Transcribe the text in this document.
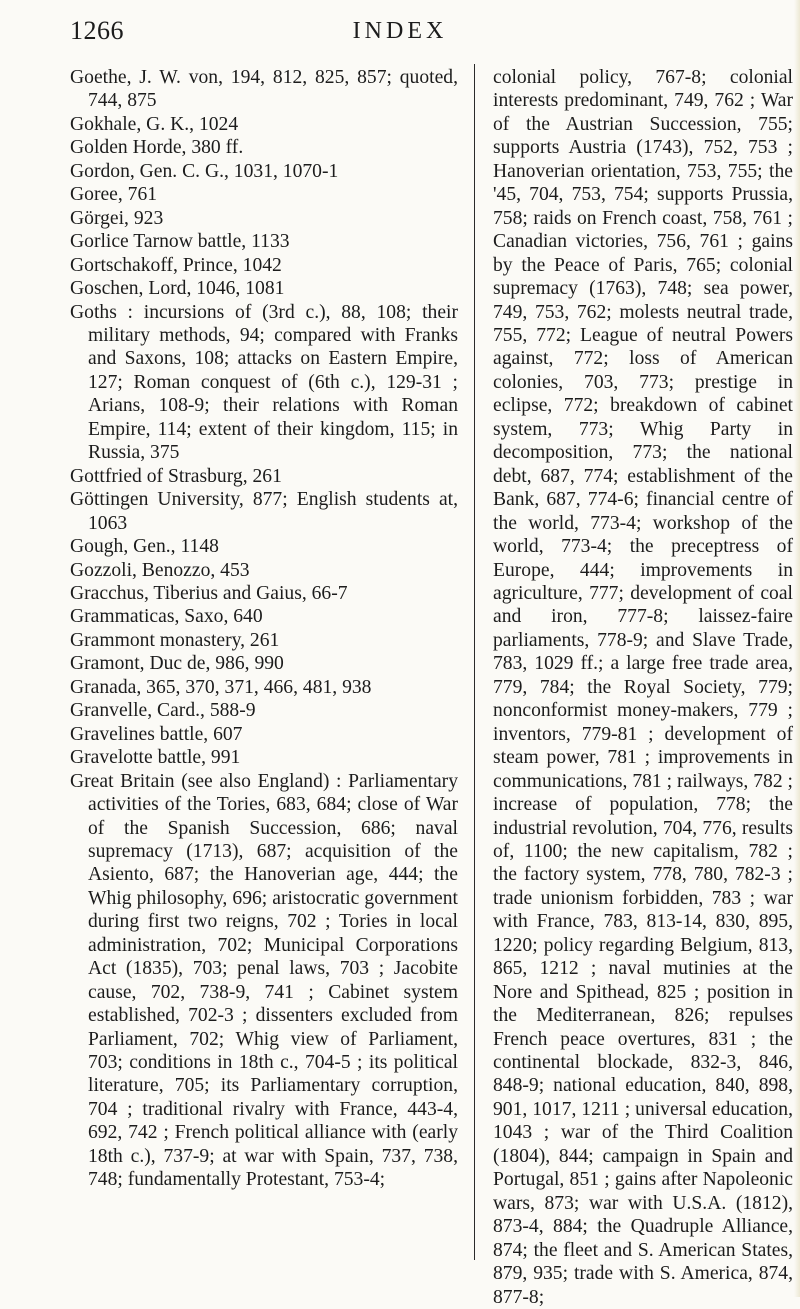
1266	INDEX

Goethe, J. W. von, 194, 812, 825, 857; quoted, 744, 875

Gokhale, G. K., 1024

Golden Horde, 380 ff.

Gordon, Gen. C. G., 1031, 1070-1

Goree, 761

Görgei, 923

Gorlice Tarnow battle, 1133

Gortschakoff, Prince, 1042

Goschen, Lord, 1046, 1081

Goths : incursions of (3rd c.), 88, 108; their military methods, 94; compared with Franks and Saxons, 108; attacks on Eastern Empire, 127; Roman conquest of (6th c.), 129-31 ; Arians, 108-9; their relations with Roman Empire, 114; extent of their kingdom, 115; in Russia, 375

Gottfried of Strasburg, 261

Göttingen University, 877; English students at, 1063

Gough, Gen., 1148

Gozzoli, Benozzo, 453

Gracchus, Tiberius and Gaius, 66-7

Grammaticas, Saxo, 640

Grammont monastery, 261

Gramont, Duc de, 986, 990

Granada, 365, 370, 371, 466, 481, 938

Granvelle, Card., 588-9

Gravelines battle, 607

Gravelotte battle, 991

Great Britain (see also England) : Parliamentary activities of the Tories, 683, 684; close of War of the Spanish Succession, 686; naval supremacy (1713), 687; acquisition of the Asiento, 687; the Hanoverian age, 444; the Whig philosophy, 696; aristocratic government during first two reigns, 702 ; Tories in local administration, 702; Municipal Corporations Act (1835), 703; penal laws, 703 ; Jacobite cause, 702, 738-9, 741 ; Cabinet system established, 702-3 ; dissenters excluded from Parliament, 702; Whig view of Parliament, 703; conditions in 18th c., 704-5 ; its political literature, 705; its Parliamentary corruption, 704 ; traditional rivalry with France, 443-4, 692, 742 ; French political alliance with (early 18th c.), 737-9; at war with Spain, 737, 738, 748; fundamentally Protestant, 753-4;

colonial policy, 767-8; colonial interests predominant, 749, 762 ; War of the Austrian Succession, 755; supports Austria (1743), 752, 753 ; Hanoverian orientation, 753, 755; the '45, 704, 753, 754; supports Prussia, 758; raids on French coast, 758, 761 ; Canadian victories, 756, 761 ; gains by the Peace of Paris, 765; colonial supremacy (1763), 748; sea power, 749, 753, 762; molests neutral trade, 755, 772; League of neutral Powers against, 772; loss of American colonies, 703, 773; prestige in eclipse, 772; breakdown of cabinet system, 773; Whig Party in decomposition, 773; the national debt, 687, 774; establishment of the Bank, 687, 774-6; financial centre of the world, 773-4; workshop of the world, 773-4; the preceptress of Europe, 444; improvements in agriculture, 777; development of coal and iron, 777-8; laissez-faire parliaments, 778-9; and Slave Trade, 783, 1029 ff.; a large free trade area, 779, 784; the Royal Society, 779; nonconformist money-makers, 779 ; inventors, 779-81 ; development of steam power, 781 ; improvements in communications, 781 ; railways, 782 ; increase of population, 778; the industrial revolution, 704, 776, results of, 1100; the new capitalism, 782 ; the factory system, 778, 780, 782-3 ; trade unionism forbidden, 783 ; war with France, 783, 813-14, 830, 895, 1220; policy regarding Belgium, 813, 865, 1212 ; naval mutinies at the Nore and Spithead, 825 ; position in the Mediterranean, 826; repulses French peace overtures, 831 ; the continental blockade, 832-3, 846, 848-9; national education, 840, 898, 901, 1017, 1211 ; universal education, 1043 ; war of the Third Coalition (1804), 844; campaign in Spain and Portugal, 851 ; gains after Napoleonic wars, 873; war with U.S.A. (1812), 873-4, 884; the Quadruple Alliance, 874; the fleet and S. American States, 879, 935; trade with S. America, 874, 877-8;
